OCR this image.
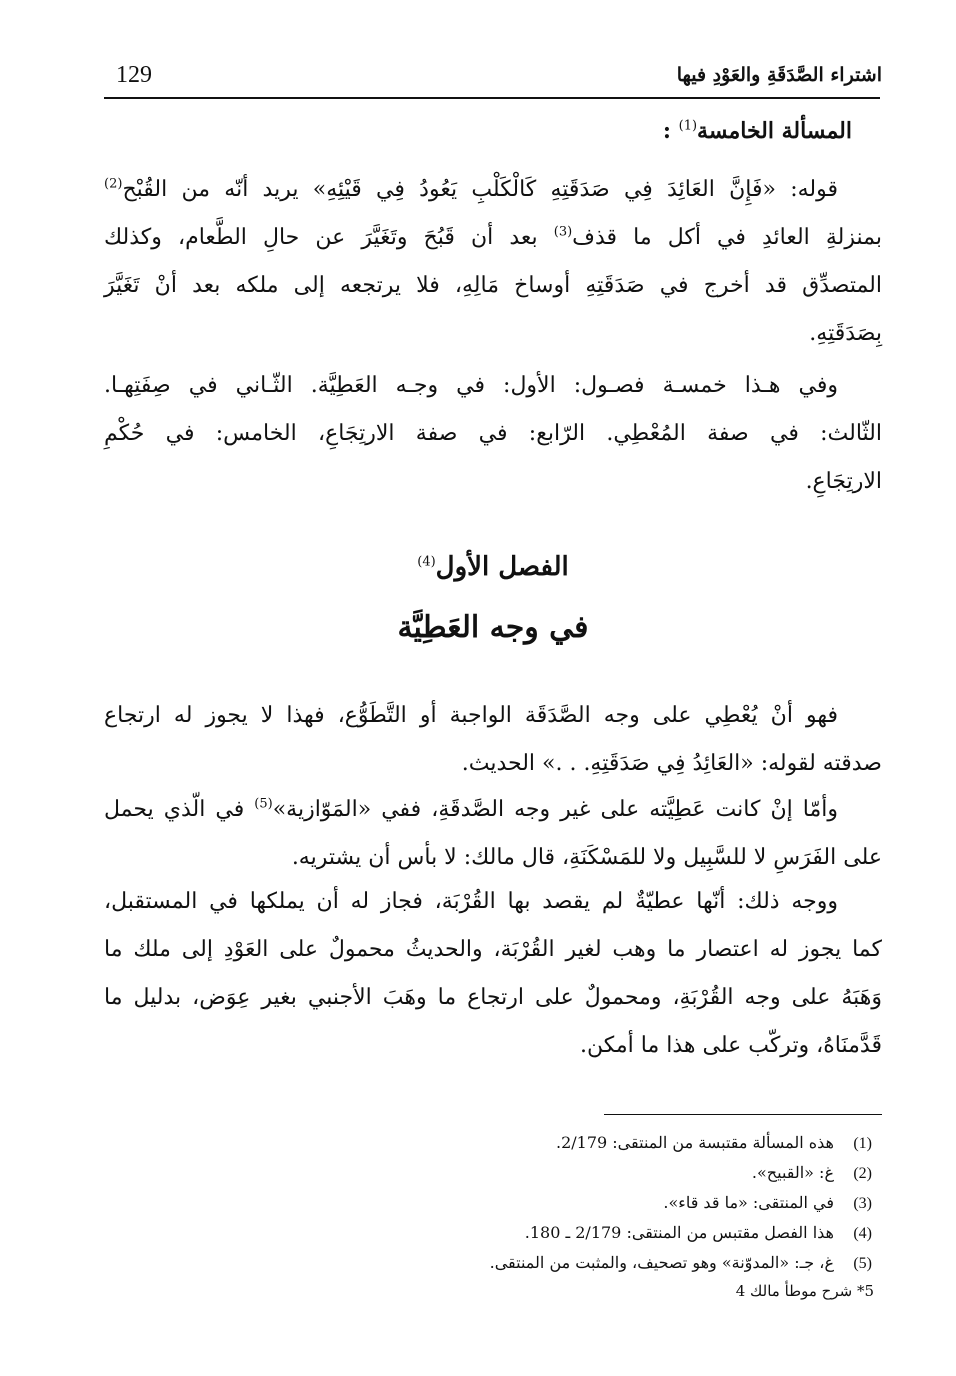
129	اشتراء الصَّدَقَةِ والعَوْدِ فيها
المسألة الخامسة$^{(1)}$ :
قوله: «فَإِنَّ العَائِدَ فِي صَدَقَتِهِ كَالْكَلْبِ يَعُودُ فِي قَيْئِهِ» يريد أنّه من القُبْح$^{(2)}$
بمنزلةِ العائدِ في أكل ما قذف$^{(3)}$ بعد أن قَبُحَ وتَغَيَّرَ عن حالِ الطَّعام، وكذلك
المتصدِّق قد أخرج في صَدَقَتِهِ أوساخ مَالِهِ، فلا يرتجعه إلى ملكه بعد أنْ تَغَيَّرَ
بِصَدَقَتِهِ.
وفي هـذا خمسـة فصـول: الأول: في وجـه العَطِيَّة. الثّـاني في صِفَتِهـا.
الثّالث: في صفة المُعْطِي. الرّابع: في صفة الارتِجَاعِ، الخامس: في حُكْمِ
الارتِجَاعِ.
الفصل الأول$^{(4)}$
في وجه العَطِيَّة
فهو أنْ يُعْطِي على وجه الصَّدَقَة الواجبة أو التَّطَوُّع، فهذا لا يجوز له ارتجاع
صدقته لقوله: «العَائِدُ فِي صَدَقَتِهِ. . .» الحديث.
وأمّا إنْ كانت عَطِيَّته على غير وجه الصَّدقَةِ، ففي «المَوّازية»$^{(5)}$ في الّذي يحمل
على الفَرَسِ لا للسَّبِيل ولا للمَسْكَنَةِ، قال مالك: لا بأس أن يشتريه.
ووجه ذلك: أنّها عطيّةٌ لم يقصد بها القُرْبَة، فجاز له أن يملكها في المستقبل،
كما يجوز له اعتصار ما وهب لغير القُرْبَة، والحديثُ محمولٌ على العَوْدِ إلى ملك ما
وَهَبَهُ على وجه القُرْبَةِ، ومحمولٌ على ارتجاع ما وهَبَ الأجنبي بغير عِوَض، بدليل ما
قَدَّمنَاهُ، وتركّب على هذا ما أمكن.
(1)هذه المسألة مقتبسة من المنتقى: 2/179.
(2)غ: «القبيح».
(3)في المنتقى: «ما قد قاء».
(4)هذا الفصل مقتبس من المنتقى: 2/179 ـ 180.
(5)غ، جـ: «المدوّنة» وهو تصحيف، والمثبت من المنتقى.
5* شرح موطأ مالك 4
